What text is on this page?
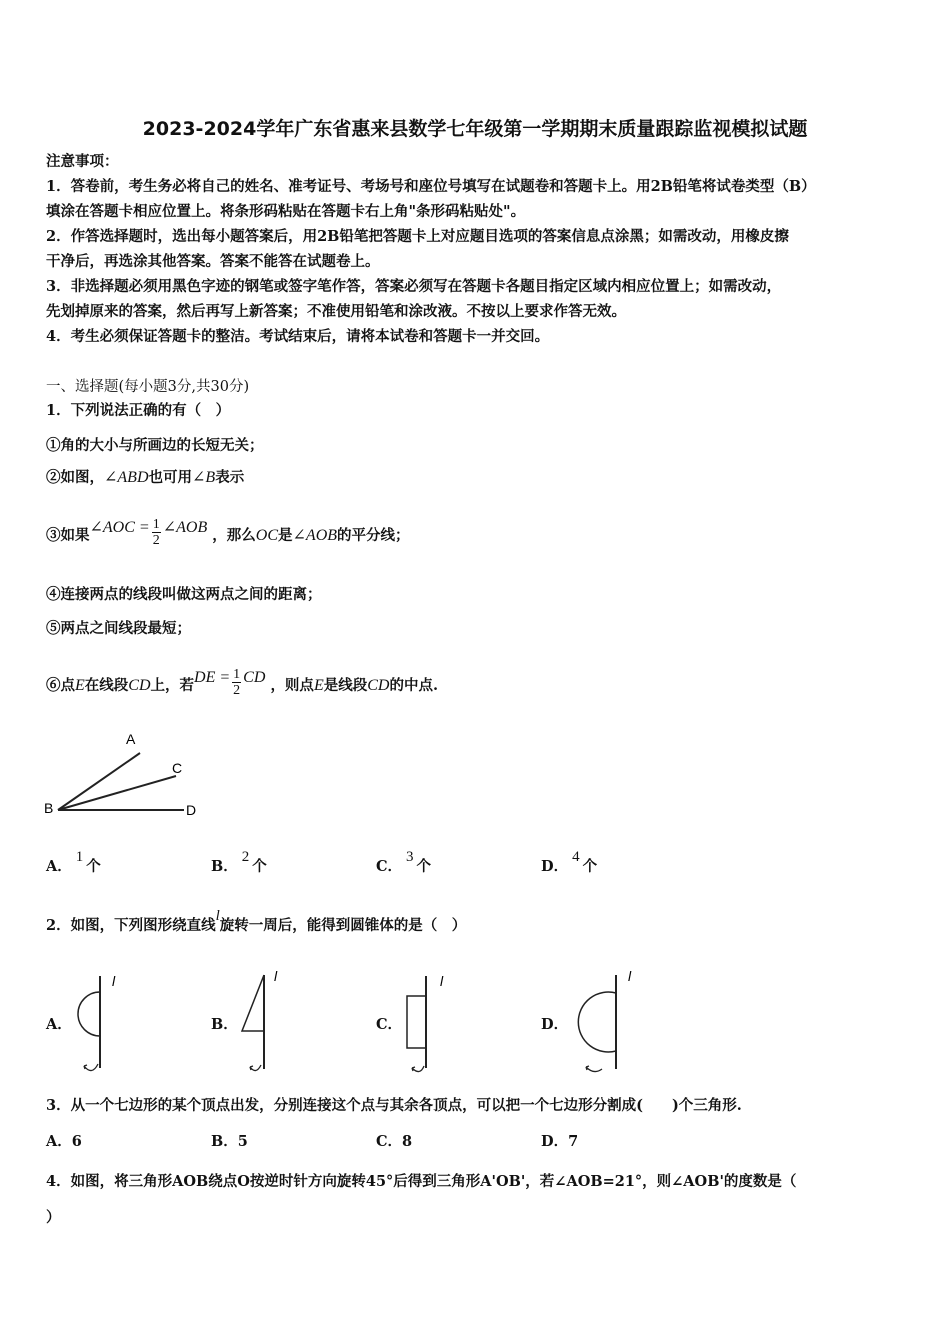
2023-2024学年广东省惠来县数学七年级第一学期期末质量跟踪监视模拟试题
注意事项：
1．答卷前，考生务必将自己的姓名、准考证号、考场号和座位号填写在试题卷和答题卡上。用2B铅笔将试卷类型（B）
填涂在答题卡相应位置上。将条形码粘贴在答题卡右上角"条形码粘贴处"。
2．作答选择题时，选出每小题答案后，用2B铅笔把答题卡上对应题目选项的答案信息点涂黑；如需改动，用橡皮擦
干净后，再选涂其他答案。答案不能答在试题卷上。
3．非选择题必须用黑色字迹的钢笔或签字笔作答，答案必须写在答题卡各题目指定区域内相应位置上；如需改动，
先划掉原来的答案，然后再写上新答案；不准使用铅笔和涂改液。不按以上要求作答无效。
4．考生必须保证答题卡的整洁。考试结束后，请将本试卷和答题卡一并交回。
一、选择题(每小题3分,共30分)
1．下列说法正确的有（　）
①角的大小与所画边的长短无关；
②如图，∠ABD也可用∠B表示
③如果∠AOC = $\frac{1}{2}$ ∠AOB ，那么OC是∠AOB的平分线；
④连接两点的线段叫做这两点之间的距离；
⑤两点之间线段最短；
⑥点E在线段CD上，若DE = $\frac{1}{2}$ CD ，则点E是线段CD的中点.
A
C
B	D
A．1个	B．2个	C．3个	D．4个
2．如图，下列图形绕直线l旋转一周后，能得到圆锥体的是（　）
A．	B．	C．	D．
l	l	l	l
3．从一个七边形的某个顶点出发，分别连接这个点与其余各顶点，可以把一个七边形分割成(　　)个三角形.
A．6	B．5	C．8	D．7
4．如图，将三角形AOB绕点O按逆时针方向旋转45°后得到三角形A'OB'，若∠AOB=21°，则∠AOB'的度数是（
）
